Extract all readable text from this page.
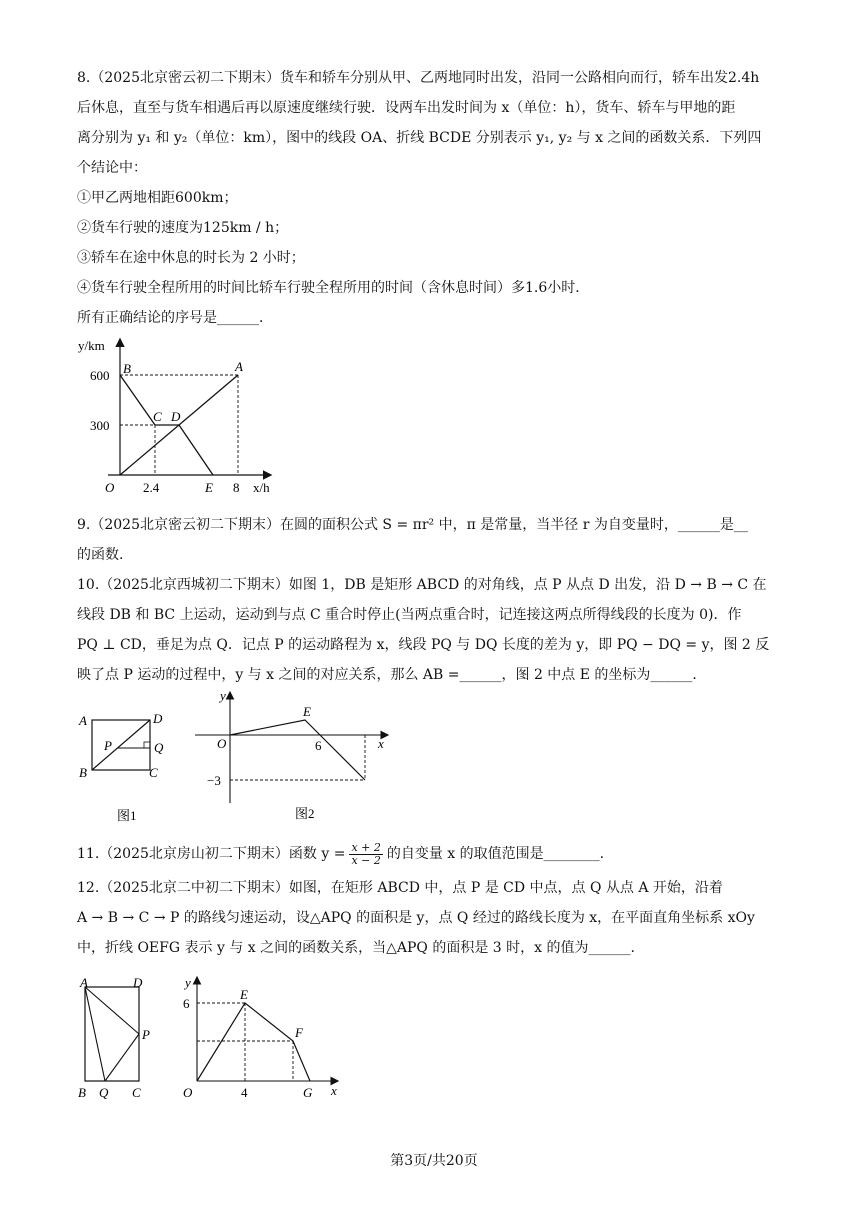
8.（2025北京密云初二下期末）货车和轿车分别从甲、乙两地同时出发，沿同一公路相向而行，轿车出发2.4h
后休息，直至与货车相遇后再以原速度继续行驶．设两车出发时间为 x（单位：h），货车、轿车与甲地的距
离分别为 y₁ 和 y₂（单位：km），图中的线段 OA、折线 BCDE 分别表示 y₁, y₂ 与 x 之间的函数关系．下列四
个结论中：
①甲乙两地相距600km；
②货车行驶的速度为125km / h；
③轿车在途中休息的时长为 2 小时；
④货车行驶全程所用的时间比轿车行驶全程所用的时间（含休息时间）多1.6小时．
所有正确结论的序号是______．
y/km
x/h
O
600
300
2.4	8
A
B
C D
E
9.（2025北京密云初二下期末）在圆的面积公式 S = πr² 中，π 是常量，当半径 r 为自变量时，______是__
的函数.
10.（2025北京西城初二下期末）如图 1，DB 是矩形 ABCD 的对角线，点 P 从点 D 出发，沿 D → B → C 在
线段 DB 和 BC 上运动，运动到与点 C 重合时停止(当两点重合时，记连接这两点所得线段的长度为 0)．作
PQ ⊥ CD，垂足为点 Q．记点 P 的运动路程为 x，线段 PQ 与 DQ 长度的差为 y，即 PQ − DQ = y，图 2 反
映了点 P 运动的过程中，y 与 x 之间的对应关系，那么 AB =______，图 2 中点 E 的坐标为______．
A	D
P	Q
B	C
图1
y
x
O
E
6
−3
图2
11.（2025北京房山初二下期末）函数 $y = \frac{x + 2}{x - 2}$ 的自变量 x 的取值范围是________.
12.（2025北京二中初二下期末）如图，在矩形 ABCD 中，点 P 是 CD 中点，点 Q 从点 A 开始，沿着
A → B → C → P 的路线匀速运动，设△APQ 的面积是 y，点 Q 经过的路线长度为 x，在平面直角坐标系 xOy
中，折线 OEFG 表示 y 与 x 之间的函数关系，当△APQ 的面积是 3 时，x 的值为______.
A	D
P
B Q C
y
x
O
E
F
G
6
4
第3页/共20页
